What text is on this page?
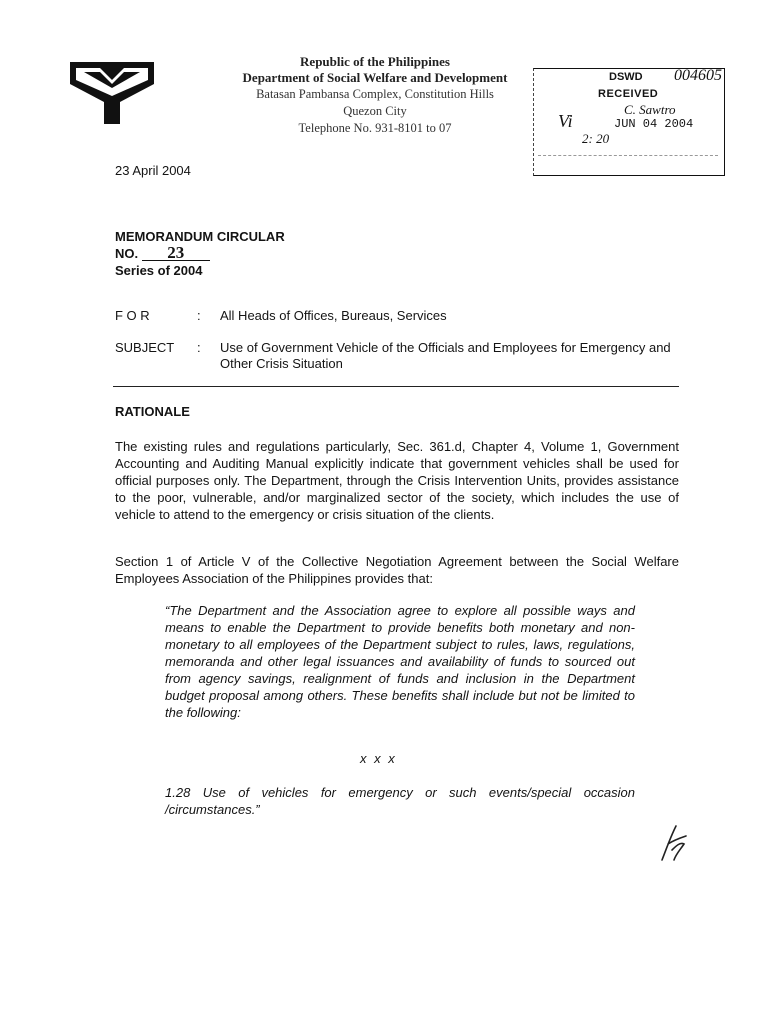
Republic of the Philippines
Department of Social Welfare and Development
Batasan Pambansa Complex, Constitution Hills
Quezon City
Telephone No. 931-8101 to 07
DSWD 004605
RECEIVED
Vi
C. Sawtro
JUN 04 2004
2: 20
23 April 2004
MEMORANDUM CIRCULAR
NO. 23
Series of 2004
F O R	: All Heads of Offices, Bureaus, Services
SUBJECT : Use of Government Vehicle of the Officials and Employees for Emergency and Other Crisis Situation
RATIONALE
The existing rules and regulations particularly, Sec. 361.d, Chapter 4, Volume 1, Government Accounting and Auditing Manual explicitly indicate that government vehicles shall be used for official purposes only. The Department, through the Crisis Intervention Units, provides assistance to the poor, vulnerable, and/or marginalized sector of the society, which includes the use of vehicle to attend to the emergency or crisis situation of the clients.
Section 1 of Article V of the Collective Negotiation Agreement between the Social Welfare Employees Association of the Philippines provides that:
“The Department and the Association agree to explore all possible ways and means to enable the Department to provide benefits both monetary and non-monetary to all employees of the Department subject to rules, laws, regulations, memoranda and other legal issuances and availability of funds to sourced out from agency savings, realignment of funds and inclusion in the Department budget proposal among others. These benefits shall include but not be limited to the following:
x x x
1.28 Use of vehicles for emergency or such events/special occasion /circumstances.”
